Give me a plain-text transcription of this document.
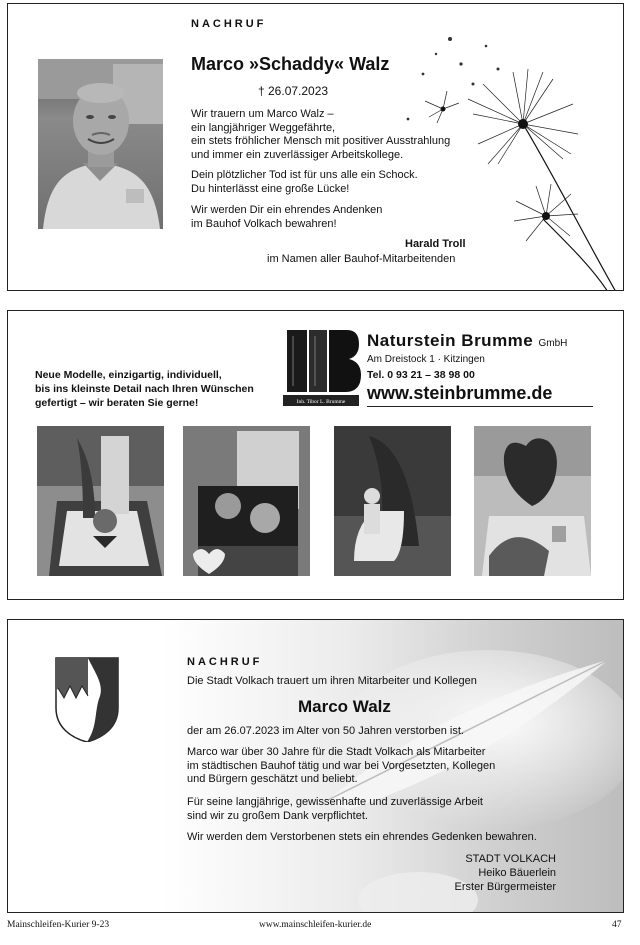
NACHRUF
Marco »Schaddy« Walz
† 26.07.2023
Wir trauern um Marco Walz –
ein langjähriger Weggefährte,
ein stets fröhlicher Mensch mit positiver Ausstrahlung
und immer ein zuverlässiger Arbeitskollege.
Dein plötzlicher Tod ist für uns alle ein Schock.
Du hinterlässt eine große Lücke!
Wir werden Dir ein ehrendes Andenken
im Bauhof Volkach bewahren!
Harald Troll
im Namen aller Bauhof-Mitarbeitenden
Neue Modelle, einzigartig, individuell,
bis ins kleinste Detail nach Ihren Wünschen
gefertigt – wir beraten Sie gerne!	Inh. Tibor L. Brumme
Naturstein Brumme GmbH
Am Dreistock 1 · Kitzingen
Tel. 0 93 21 – 38 98 00
www.steinbrumme.de
NACHRUF
Die Stadt Volkach trauert um ihren Mitarbeiter und Kollegen
Marco Walz
der am 26.07.2023 im Alter von 50 Jahren verstorben ist.
Marco war über 30 Jahre für die Stadt Volkach als Mitarbeiter
im städtischen Bauhof tätig und war bei Vorgesetzten, Kollegen
und Bürgern geschätzt und beliebt.
Für seine langjährige, gewissenhafte und zuverlässige Arbeit
sind wir zu großem Dank verpflichtet.
Wir werden dem Verstorbenen stets ein ehrendes Gedenken bewahren.
STADT VOLKACH
Heiko Bäuerlein
Erster Bürgermeister
Mainschleifen-Kurier 9-23	www.mainschleifen-kurier.de	47
